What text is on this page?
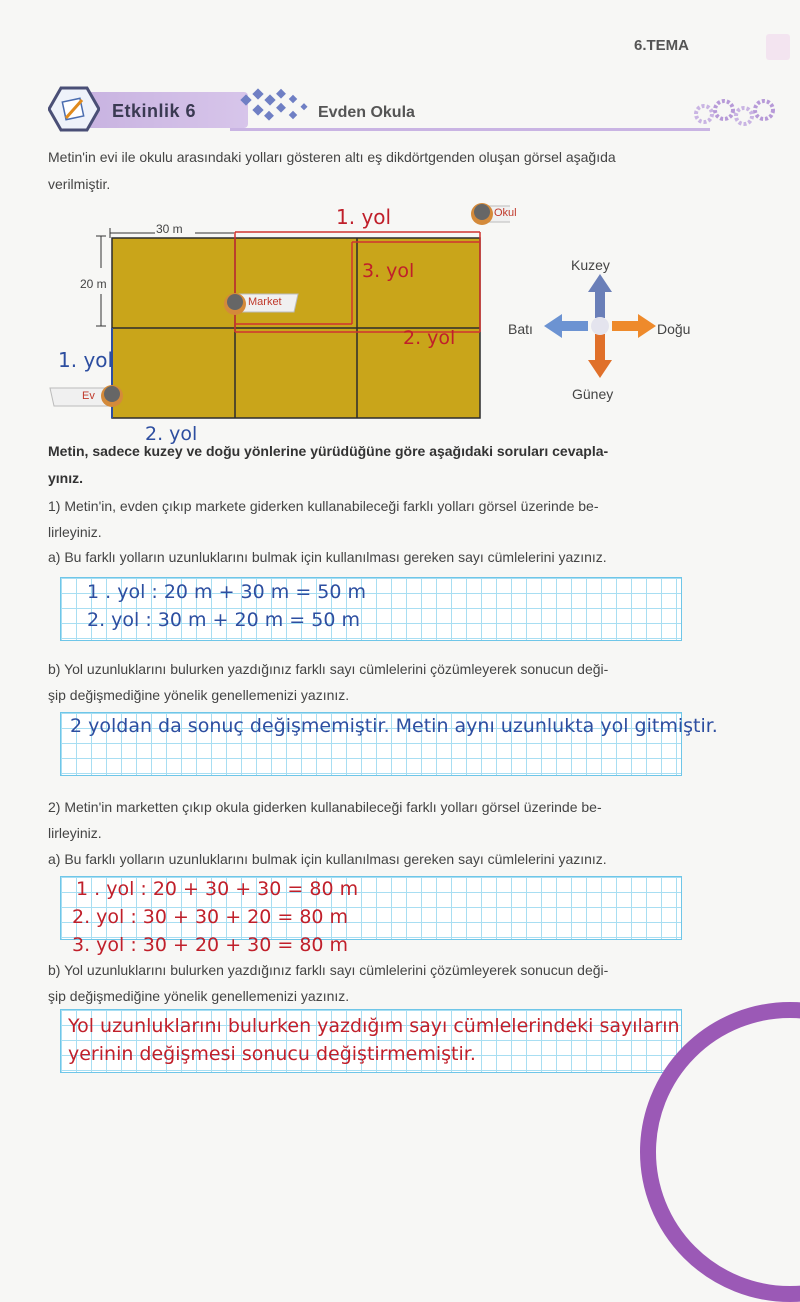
6.TEMA
Etkinlik 6	Evden Okula
Metin'in evi ile okulu arasındaki yolları gösteren altı eş dikdörtgenden oluşan görsel aşağıda
verilmiştir.
30 m
20 m
Okul
Market
Ev
1. yol
3. yol
2. yol
1. yol
2. yol
Kuzey
Güney
Doğu
Batı
Metin, sadece kuzey ve doğu yönlerine yürüdüğüne göre aşağıdaki soruları cevapla-
yınız.
1) Metin'in, evden çıkıp markete giderken kullanabileceği farklı yolları görsel üzerinde be-
lirleyiniz.
a) Bu farklı yolların uzunluklarını bulmak için kullanılması gereken sayı cümlelerini yazınız.
1 . yol : 20 m + 30 m = 50 m
2. yol : 30 m + 20 m = 50 m
b) Yol uzunluklarını bulurken yazdığınız farklı sayı cümlelerini çözümleyerek sonucun deği-
şip değişmediğine yönelik genellemenizi yazınız.
2 yoldan da sonuç değişmemiştir. Metin aynı uzunlukta yol gitmiştir.
2) Metin'in marketten çıkıp okula giderken kullanabileceği farklı yolları görsel üzerinde be-
lirleyiniz.
a) Bu farklı yolların uzunluklarını bulmak için kullanılması gereken sayı cümlelerini yazınız.
1 . yol : 20 + 30 + 30 = 80 m
2. yol : 30 + 30 + 20 = 80 m
3. yol : 30 + 20 + 30 = 80 m
b) Yol uzunluklarını bulurken yazdığınız farklı sayı cümlelerini çözümleyerek sonucun deği-
şip değişmediğine yönelik genellemenizi yazınız.
Yol uzunluklarını bulurken yazdığım sayı cümlelerindeki sayıların
yerinin değişmesi sonucu değiştirmemiştir.
